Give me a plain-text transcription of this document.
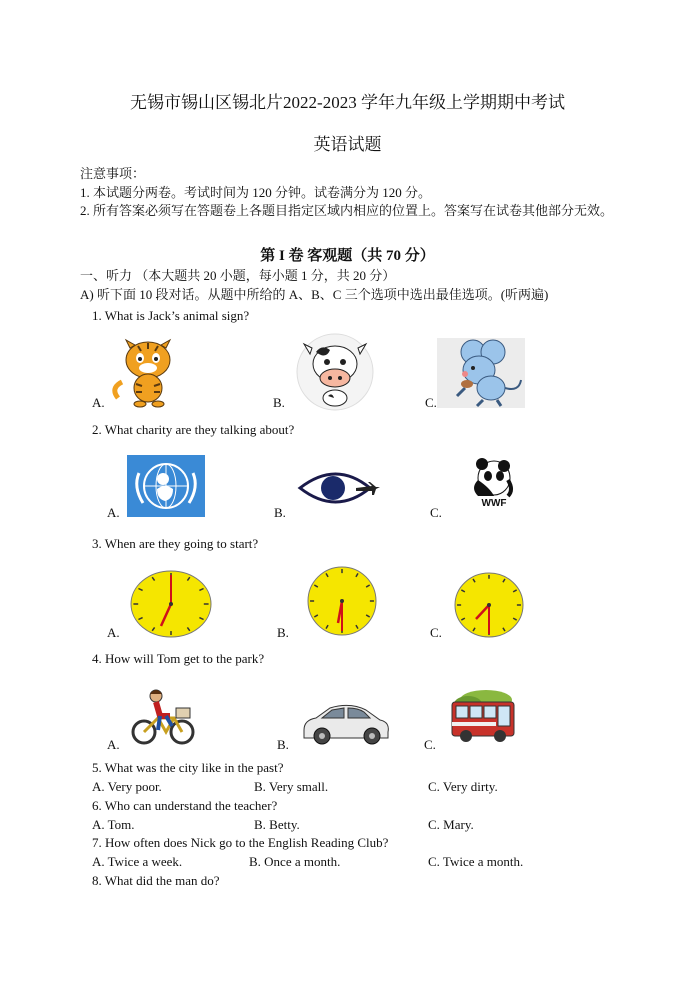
无锡市锡山区锡北片2022-2023 学年九年级上学期期中考试
英语试题
注意事项：
1. 本试题分两卷。考试时间为 120 分钟。试卷满分为 120 分。
2. 所有答案必须写在答题卷上各题目指定区域内相应的位置上。答案写在试卷其他部分无效。
第 I 卷 客观题（共 70 分）
一、听力 （本大题共 20 小题，每小题 1 分，共 20 分）
A) 听下面 10 段对话。从题中所给的 A、B、C 三个选项中选出最佳选项。(听两遍)
1. What is Jack’s animal sign?
A.	B.	C.
2. What charity are they talking about?
A.	B.	C.
WWF
3. When are they going to start?
A.	B.	C.
4. How will Tom get to the park?
A.	B.	C.
5. What was the city like in the past?
A. Very poor.	B. Very small.	C. Very dirty.
6. Who can understand the teacher?
A. Tom.	B. Betty.	C. Mary.
7. How often does Nick go to the English Reading Club?
A. Twice a week.	B. Once a month.	C. Twice a month.
8. What did the man do?
